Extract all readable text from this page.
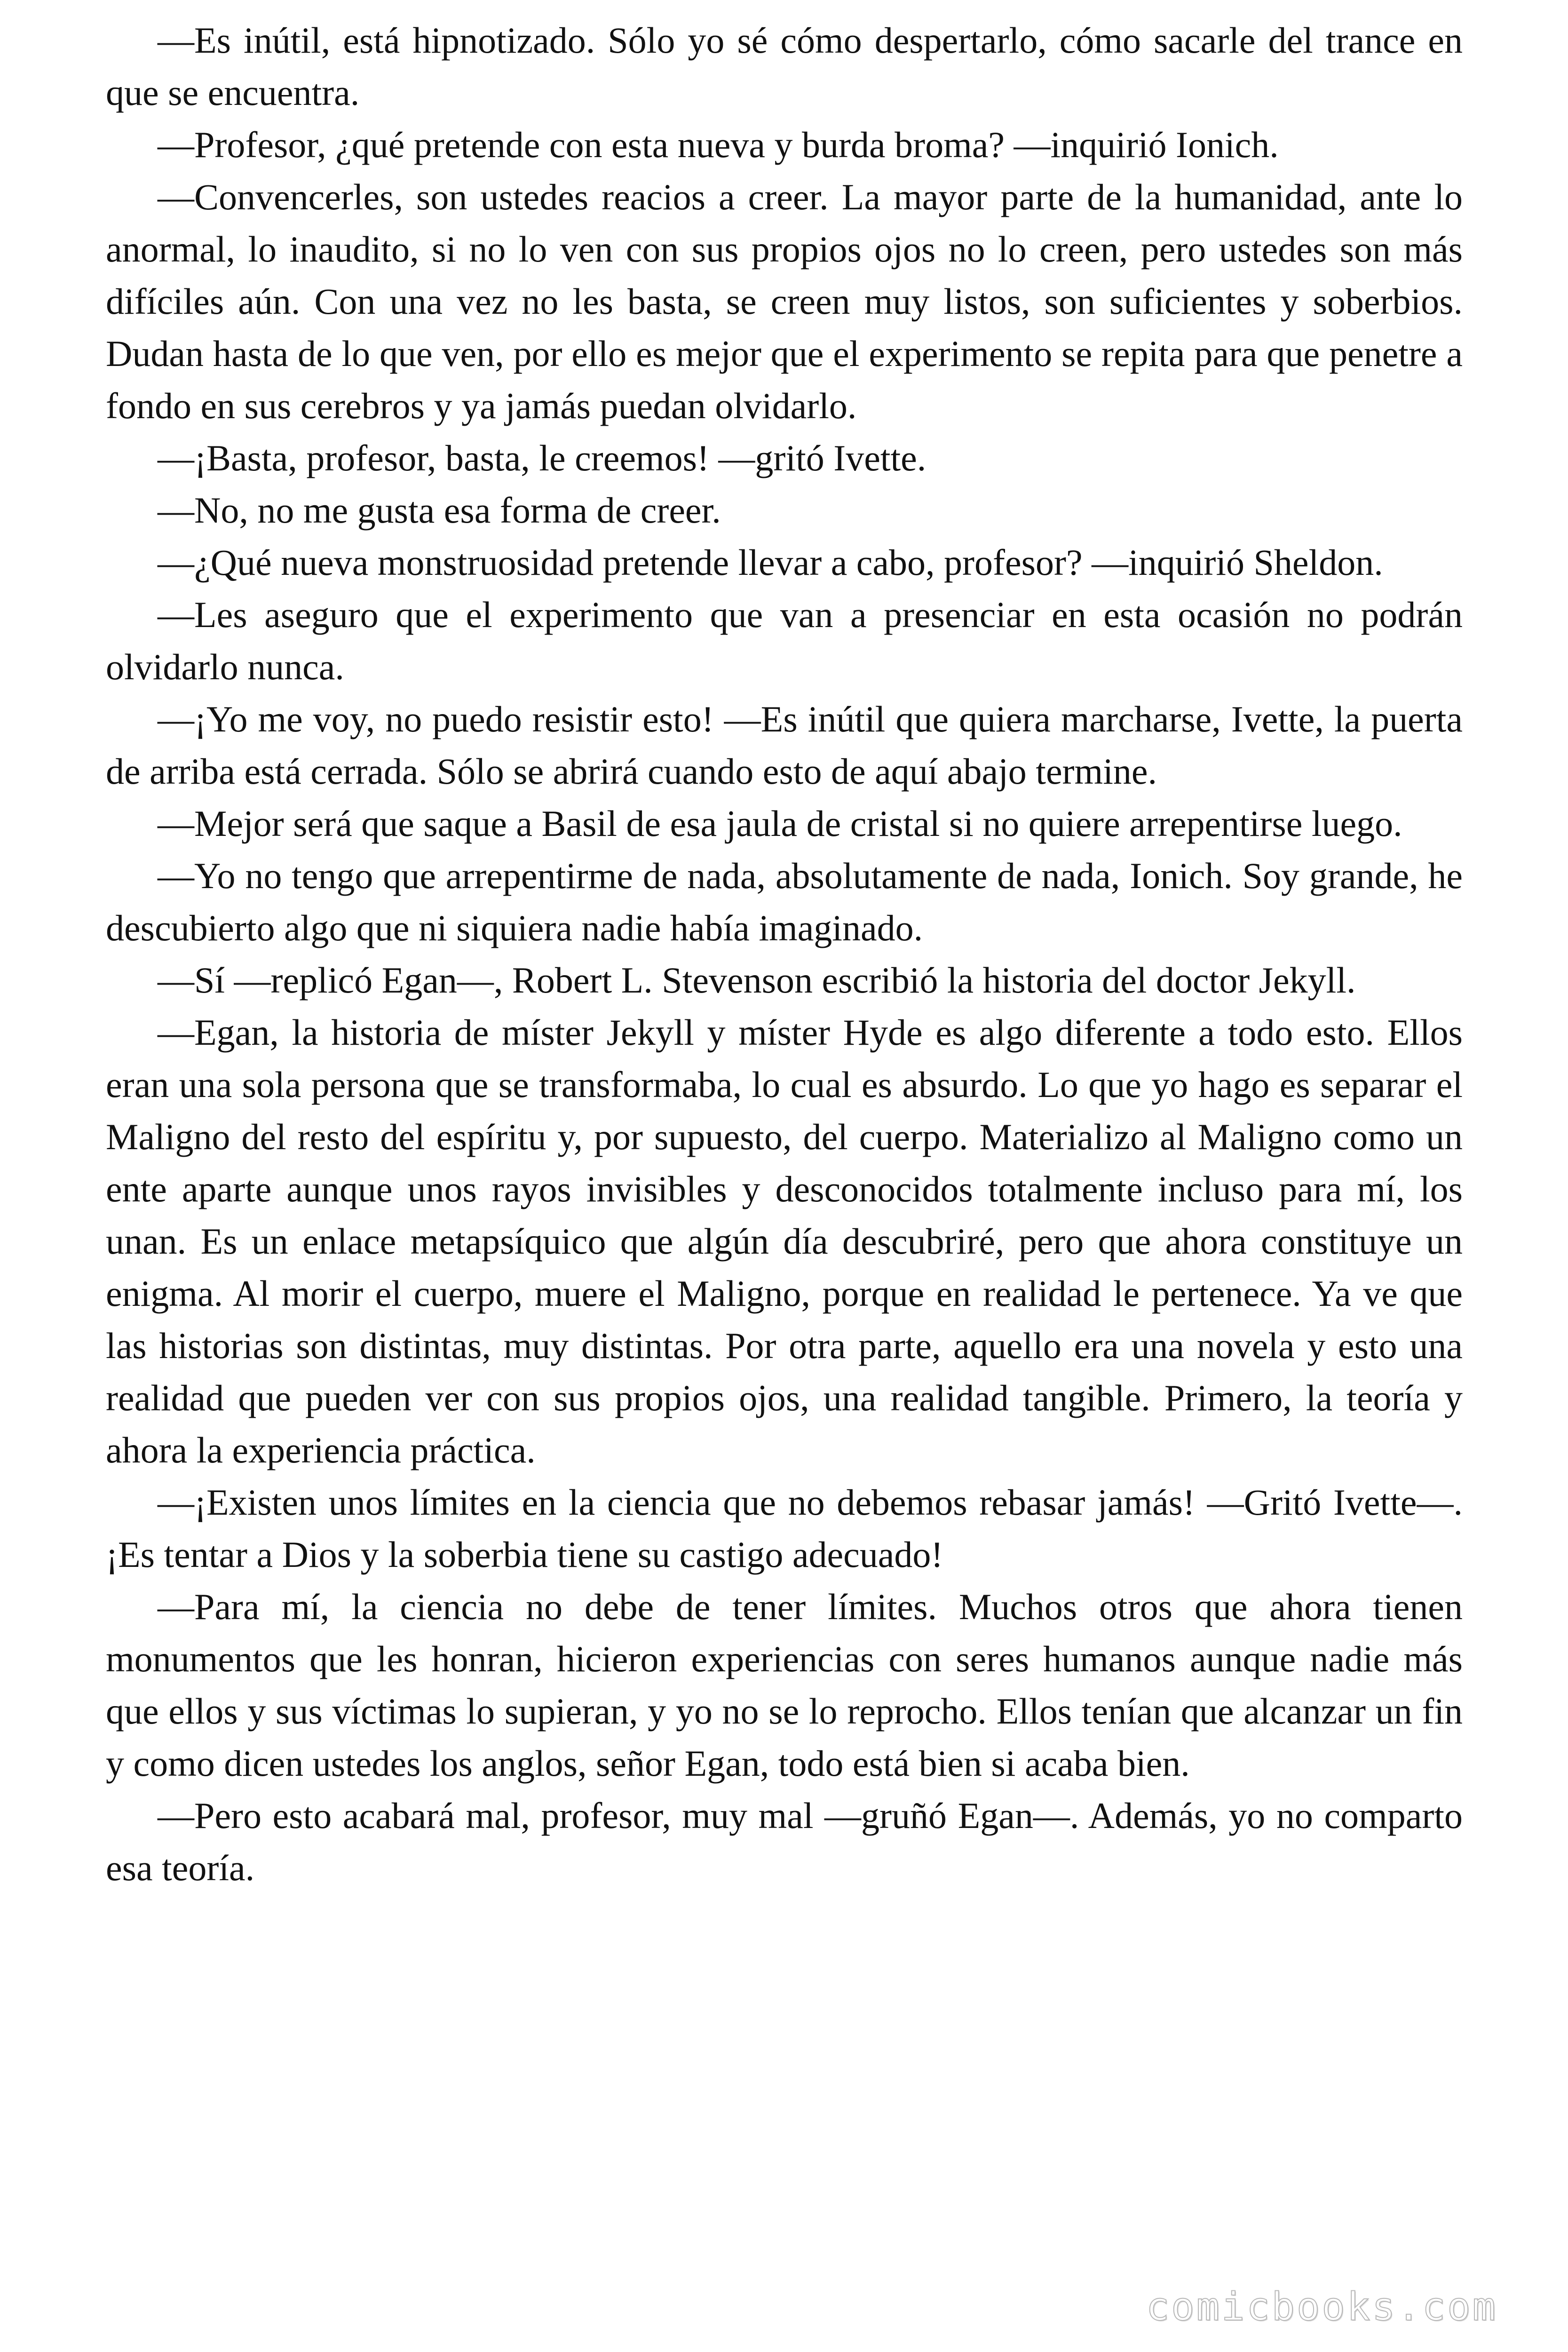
—Es inútil, está hipnotizado. Sólo yo sé cómo despertarlo, cómo sacarle del trance en que se encuentra.

—Profesor, ¿qué pretende con esta nueva y burda broma? —inquirió Ionich.

—Convencerles, son ustedes reacios a creer. La mayor parte de la humanidad, ante lo anormal, lo inaudito, si no lo ven con sus propios ojos no lo creen, pero ustedes son más difíciles aún. Con una vez no les basta, se creen muy listos, son suficientes y soberbios. Dudan hasta de lo que ven, por ello es mejor que el experimento se repita para que penetre a fondo en sus cerebros y ya jamás puedan olvidarlo.

—¡Basta, profesor, basta, le creemos! —gritó Ivette.

—No, no me gusta esa forma de creer.

—¿Qué nueva monstruosidad pretende llevar a cabo, profesor? —inquirió Sheldon.

—Les aseguro que el experimento que van a presenciar en esta ocasión no podrán olvidarlo nunca.

—¡Yo me voy, no puedo resistir esto! —Es inútil que quiera marcharse, Ivette, la puerta de arriba está cerrada. Sólo se abrirá cuando esto de aquí abajo termine.

—Mejor será que saque a Basil de esa jaula de cristal si no quiere arrepentirse luego.

—Yo no tengo que arrepentirme de nada, absolutamente de nada, Ionich. Soy grande, he descubierto algo que ni siquiera nadie había imaginado.

—Sí —replicó Egan—, Robert L. Stevenson escribió la historia del doctor Jekyll.

—Egan, la historia de míster Jekyll y míster Hyde es algo diferente a todo esto. Ellos eran una sola persona que se transformaba, lo cual es absurdo. Lo que yo hago es separar el Maligno del resto del espíritu y, por supuesto, del cuerpo. Materializo al Maligno como un ente aparte aunque unos rayos invisibles y desconocidos totalmente incluso para mí, los unan. Es un enlace metapsíquico que algún día descubriré, pero que ahora constituye un enigma. Al morir el cuerpo, muere el Maligno, porque en realidad le pertenece. Ya ve que las historias son distintas, muy distintas. Por otra parte, aquello era una novela y esto una realidad que pueden ver con sus propios ojos, una realidad tangible. Primero, la teoría y ahora la experiencia práctica.

—¡Existen unos límites en la ciencia que no debemos rebasar jamás! —Gritó Ivette—. ¡Es tentar a Dios y la soberbia tiene su castigo adecuado!

—Para mí, la ciencia no debe de tener límites. Muchos otros que ahora tienen monumentos que les honran, hicieron experiencias con seres humanos aunque nadie más que ellos y sus víctimas lo supieran, y yo no se lo reprocho. Ellos tenían que alcanzar un fin y como dicen ustedes los anglos, señor Egan, todo está bien si acaba bien.

—Pero esto acabará mal, profesor, muy mal —gruñó Egan—. Además, yo no comparto esa teoría.

comicbooks.com
